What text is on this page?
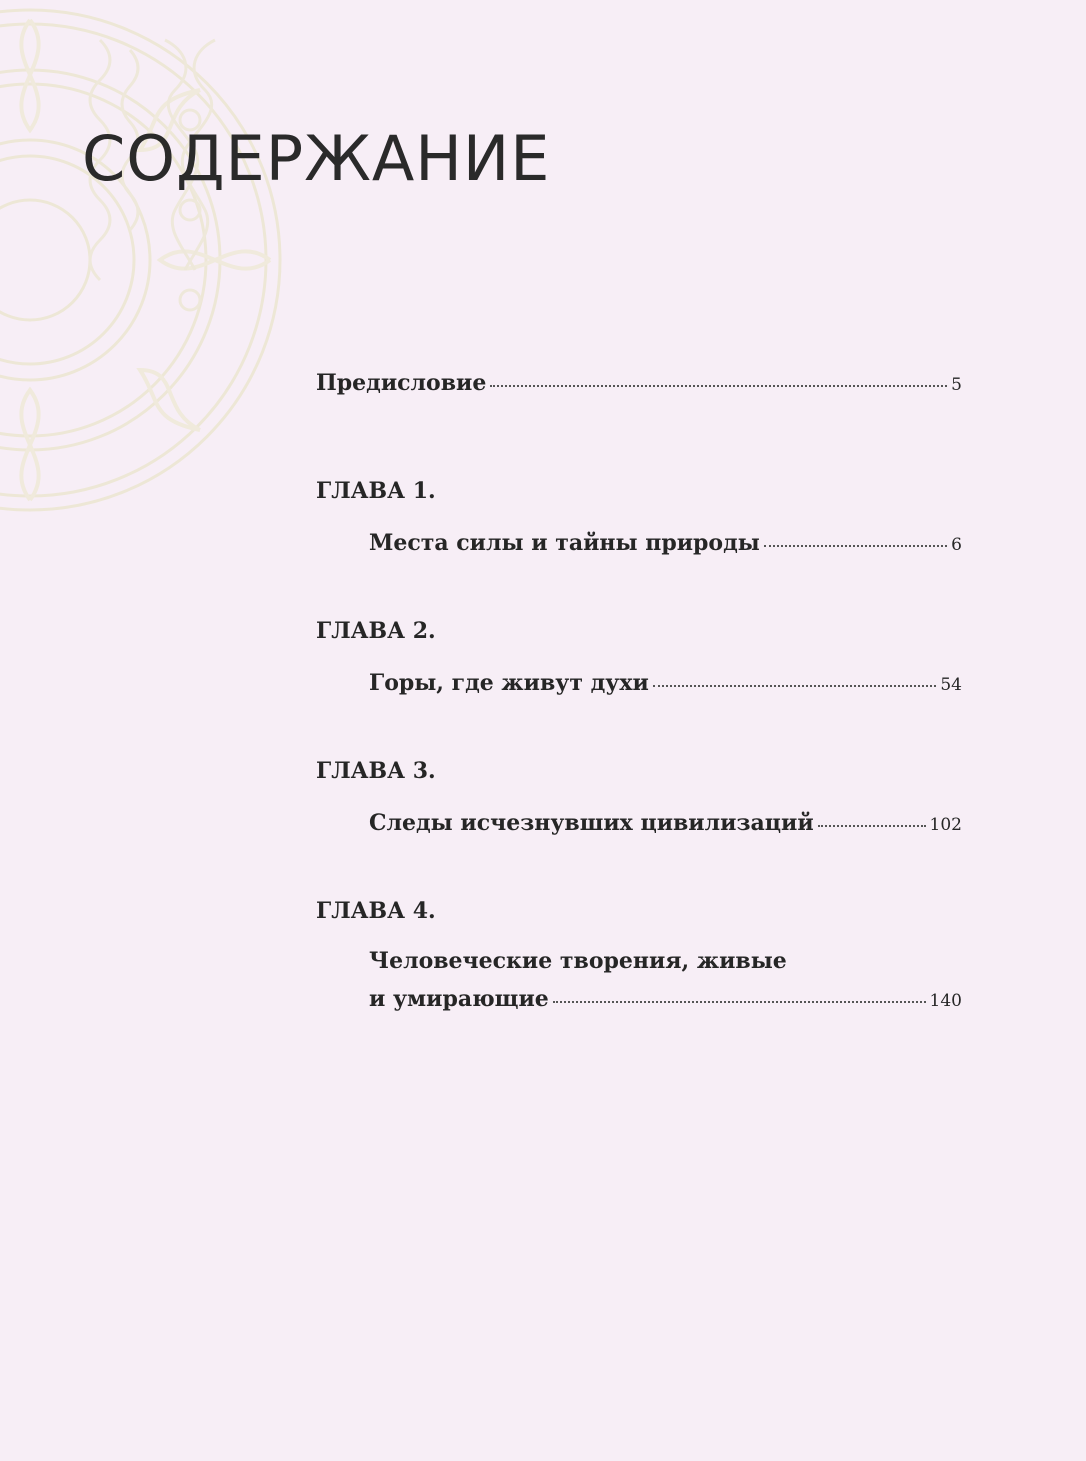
СОДЕРЖАНИЕ
Предисловие	5
ГЛАВА 1.
Места силы и тайны природы	6
ГЛАВА 2.
Горы, где живут духи	54
ГЛАВА 3.
Следы исчезнувших цивилизаций	102
ГЛАВА 4.
Человеческие творения, живые
и умирающие	140
